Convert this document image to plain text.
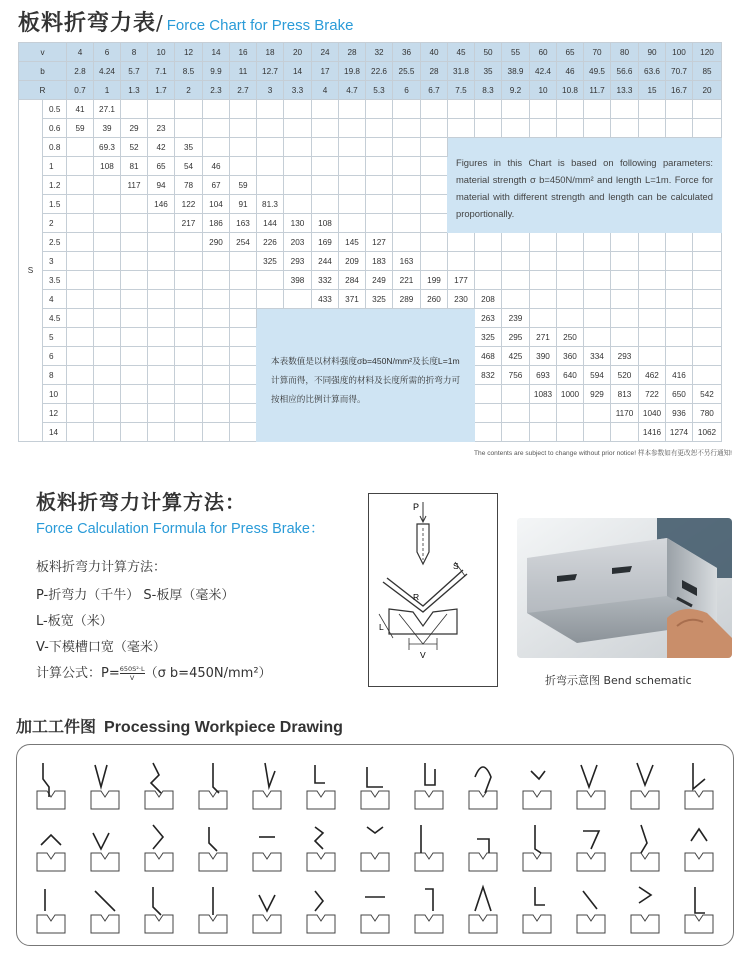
板料折弯力表/ Force Chart for Press Brake
v		4	6	8	10	12	14	16	18	20	24	28	32	36	40	45	50	55	60	65	70	80	90	100	120
b		2.8	4.24	5.7	7.1	8.5	9.9	11	12.7	14	17	19.8	22.6	25.5	28	31.8	35	38.9	42.4	46	49.5	56.6	63.6	70.7	85
R		0.7	1	1.3	1.7	2	2.3	2.7	3	3.3	4	4.7	5.3	6	6.7	7.5	8.3	9.2	10	10.8	11.7	13.3	15	16.7	20
S	0.5	41	27.1																						
	0.6	59	39	29	23																				
	0.8		69.3	52	42	35										Figures in this Chart is based on following parameters: material strength σ b=450N/mm² and length L=1m. Force for material with different strength and length can be calculated proportionally.									

	1		108	81	65	54	46																		
	1.2			117	94	78	67	59																	
	1.5				146	122	104	91	81.3																
	2					217	186	163	144	130	108														
	2.5						290	254	226	203	169	145	127												
	3								325	293	244	209	183	163											
	3.5									398	332	284	249	221	199	177									
	4										433	371	325	289	260	230	208								
	4.5								本表数值是以材料强度σb=450N/mm²及长度L=1m计算而得，不同强度的材料及长度所需的折弯力可按相应的比例计算而得。								263	239							
	5																325	295	271	250					
	6																468	425	390	360	334	293			
	8																832	756	693	640	594	520	462	416	
	10																		1083	1000	929	813	722	650	542
	12																					1170	1040	936	780
	14																						1416	1274	1062
The contents are subject to change without prior notice! 样本参数如有更改恕不另行通知!
板料折弯力计算方法：
Force Calculation Formula for Press Brake：
板料折弯力计算方法：
P-折弯力（千牛） S-板厚（毫米）
L-板宽（米）
V-下模槽口宽（毫米）
计算公式：$P= \frac{\text{650S²·L}}{V} (\sigma$ b=450N/mm²）
P
S
R
L
V
折弯示意图 Bend schematic
加工工件图 Processing Workpiece Drawing
